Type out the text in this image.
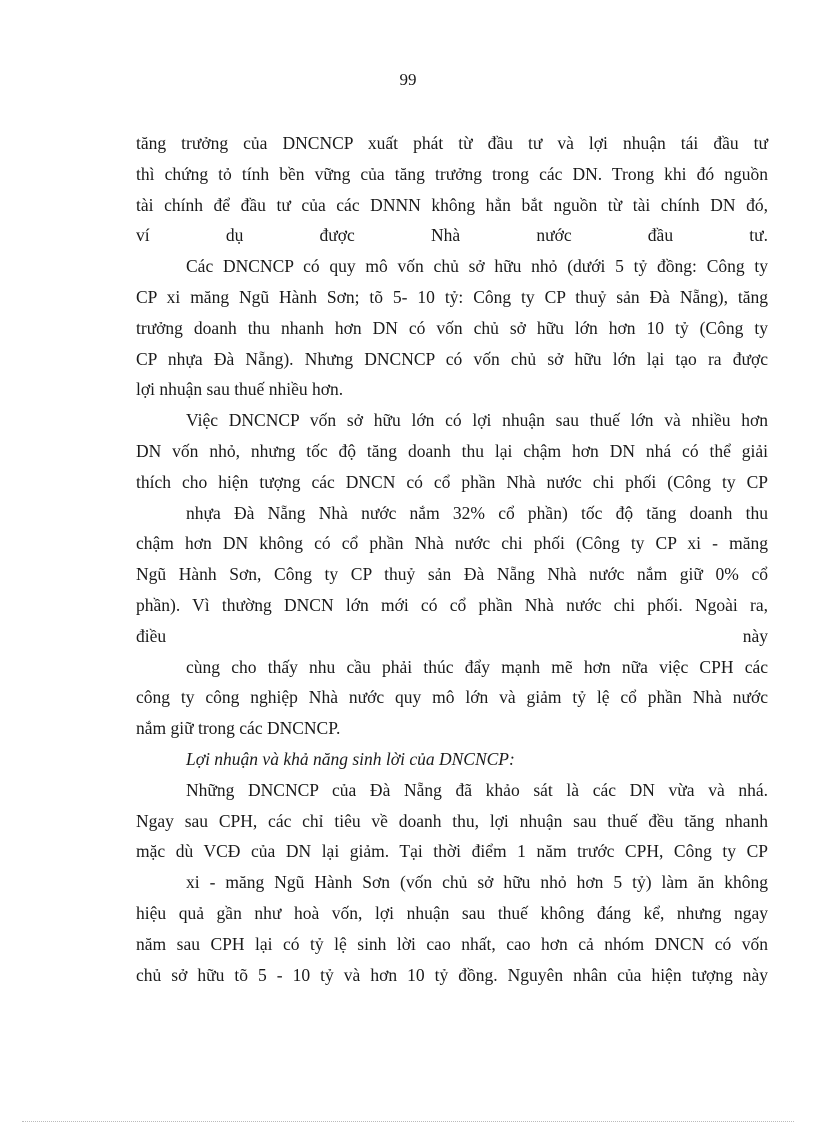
99
tăng trưởng của DNCNCP xuất phát từ đầu tư và lợi nhuận tái đầu tư
thì chứng tỏ tính bền vững của tăng trưởng trong các DN. Trong khi đó nguồn
tài chính để đầu tư của các DNNN không hẳn bắt nguồn từ tài chính DN đó,
ví dụ được Nhà nước đầu tư.
Các DNCNCP có quy mô vốn chủ sở hữu nhỏ (dưới 5 tỷ đồng: Công ty
CP xi măng Ngũ Hành Sơn; tõ 5- 10 tỷ: Công ty CP thuỷ sản Đà Nẵng), tăng
trưởng doanh thu nhanh hơn DN có vốn chủ sở hữu lớn hơn 10 tỷ (Công ty
CP nhựa Đà Nẵng). Nhưng DNCNCP có vốn chủ sở hữu lớn lại tạo ra được
lợi nhuận sau thuế nhiều hơn.
Việc DNCNCP vốn sở hữu lớn có lợi nhuận sau thuế lớn và nhiều hơn
DN vốn nhỏ, nhưng tốc độ tăng doanh thu lại chậm hơn DN nhá có thể giải
thích cho hiện tượng các DNCN có cổ phần Nhà nước chi phối (Công ty CP
nhựa Đà Nẵng Nhà nước nắm 32% cổ phần) tốc độ tăng doanh thu
chậm hơn DN không có cổ phần Nhà nước chi phối (Công ty CP xi - măng
Ngũ Hành Sơn, Công ty CP thuỷ sản Đà Nẵng Nhà nước nắm giữ 0% cổ
phần). Vì thường DNCN lớn mới có cổ phần Nhà nước chi phối. Ngoài ra,
điều này
cùng cho thấy nhu cầu phải thúc đẩy mạnh mẽ hơn nữa việc CPH các
công ty công nghiệp Nhà nước quy mô lớn và giảm tỷ lệ cổ phần Nhà nước
nắm giữ trong các DNCNCP.
Lợi nhuận và khả năng sinh lời của DNCNCP:
Những DNCNCP của Đà Nẵng đã khảo sát là các DN vừa và nhá.
Ngay sau CPH, các chỉ tiêu về doanh thu, lợi nhuận sau thuế đều tăng nhanh
mặc dù VCĐ của DN lại giảm. Tại thời điểm 1 năm trước CPH, Công ty CP
xi - măng Ngũ Hành Sơn (vốn chủ sở hữu nhỏ hơn 5 tỷ) làm ăn không
hiệu quả gần như hoà vốn, lợi nhuận sau thuế không đáng kể, nhưng ngay
năm sau CPH lại có tỷ lệ sinh lời cao nhất, cao hơn cả nhóm DNCN có vốn
chủ sở hữu tõ 5 - 10 tỷ và hơn 10 tỷ đồng. Nguyên nhân của hiện tượng này
